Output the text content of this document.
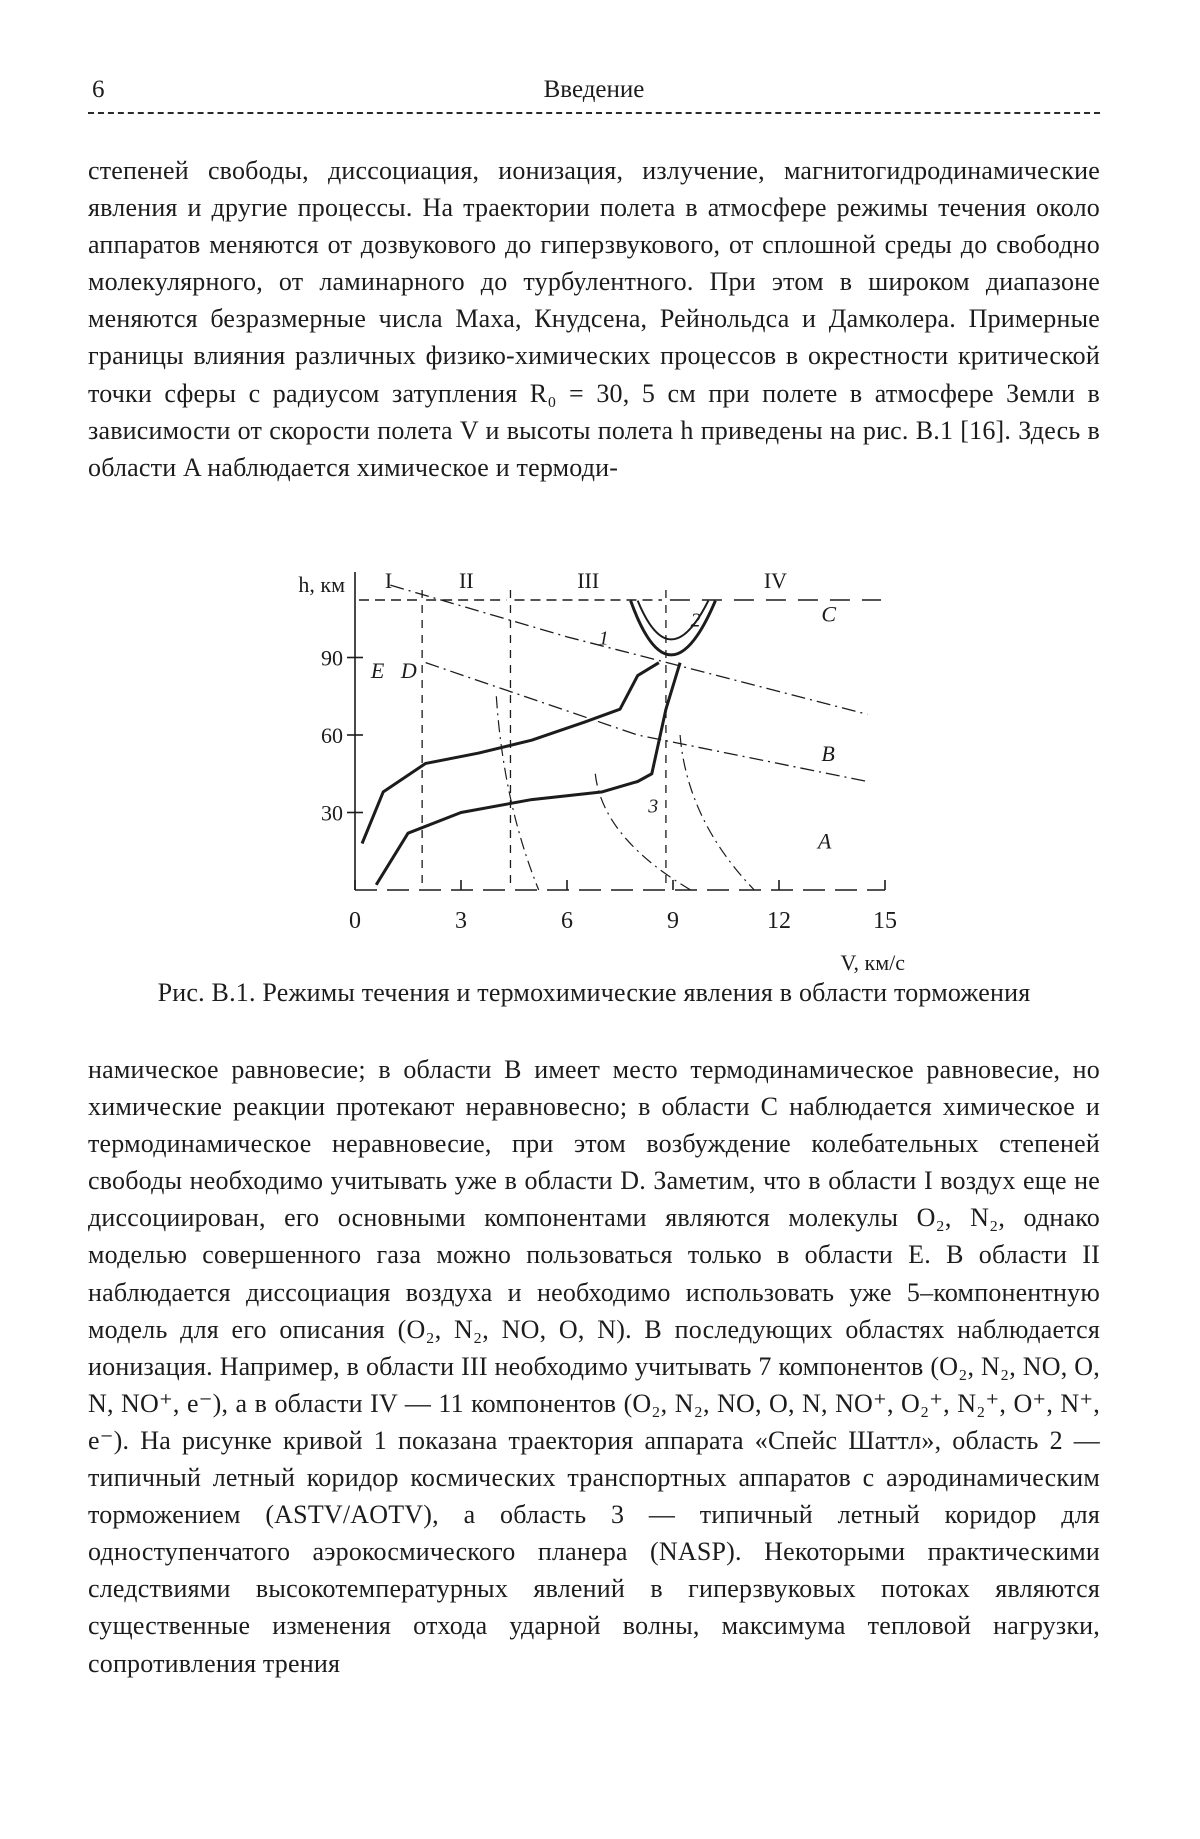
6	Введение

степеней свободы, диссоциация, ионизация, излучение, магнитогидродинамические явления и другие процессы. На траектории полета в атмосфере режимы течения около аппаратов меняются от дозвукового до гиперзвукового, от сплошной среды до свободно молекулярного, от ламинарного до турбулентного. При этом в широком диапазоне меняются безразмерные числа Маха, Кнудсена, Рейнольдса и Дамколера. Примерные границы влияния различных физико-химических процессов в окрестности критической точки сферы с радиусом затупления R₀ = 30, 5 см при полете в атмосфере Земли в зависимости от скорости полета V и высоты полета h приведены на рис. В.1 [16]. Здесь в области A наблюдается химическое и термоди-

0	3	6	9	12	15
30
60
90
h, км
V, км/с
I	II	III	IV
1
2
3
A
B
C
D
E

Рис. В.1. Режимы течения и термохимические явления в области торможения

намическое равновесие; в области B имеет место термодинамическое равновесие, но химические реакции протекают неравновесно; в области C наблюдается химическое и термодинамическое неравновесие, при этом возбуждение колебательных степеней свободы необходимо учитывать уже в области D. Заметим, что в области I воздух еще не диссоциирован, его основными компонентами являются молекулы O₂, N₂, однако моделью совершенного газа можно пользоваться только в области E. В области II наблюдается диссоциация воздуха и необходимо использовать уже 5–компонентную модель для его описания (O₂, N₂, NO, O, N). В последующих областях наблюдается ионизация. Например, в области III необходимо учитывать 7 компонентов (O₂, N₂, NO, O, N, NO⁺, e⁻), а в области IV — 11 компонентов (O₂, N₂, NO, O, N, NO⁺, O₂⁺, N₂⁺, O⁺, N⁺, e⁻). На рисунке кривой 1 показана траектория аппарата «Спейс Шаттл», область 2 — типичный летный коридор космических транспортных аппаратов с аэродинамическим торможением (ASTV/AOTV), а область 3 — типичный летный коридор для одноступенчатого аэрокосмического планера (NASP). Некоторыми практическими следствиями высокотемпературных явлений в гиперзвуковых потоках являются существенные изменения отхода ударной волны, максимума тепловой нагрузки, сопротивления трения
